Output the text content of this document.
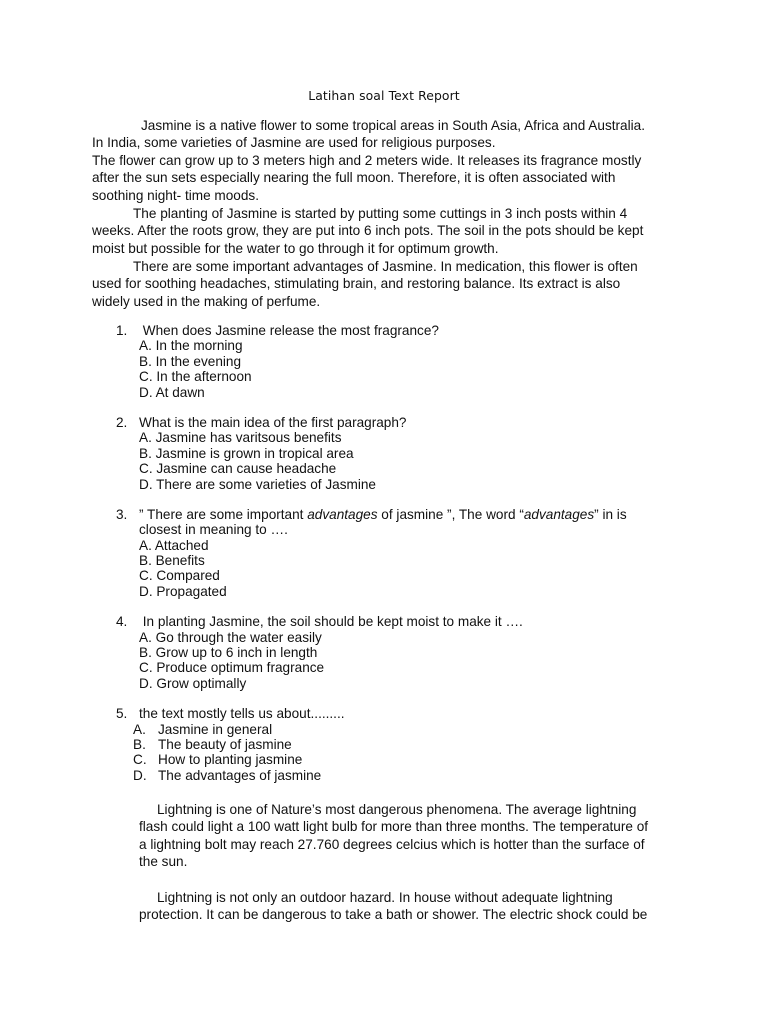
Latihan soal Text Report
Jasmine is a native flower to some tropical areas in South Asia, Africa and Australia.
In India, some varieties of Jasmine are used for religious purposes.
The flower can grow up to 3 meters high and 2 meters wide. It releases its fragrance mostly
after the sun sets especially nearing the full moon. Therefore, it is often associated with
soothing night- time moods.
The planting of Jasmine is started by putting some cuttings in 3 inch posts within 4
weeks. After the roots grow, they are put into 6 inch pots. The soil in the pots should be kept
moist but possible for the water to go through it for optimum growth.
There are some important advantages of Jasmine. In medication, this flower is often
used for soothing headaches, stimulating brain, and restoring balance. Its extract is also
widely used in the making of perfume.
1. When does Jasmine release the most fragrance?
A. In the morning
B. In the evening
C. In the afternoon
D. At dawn
2. What is the main idea of the first paragraph?
A. Jasmine has varitsous benefits
B. Jasmine is grown in tropical area
C. Jasmine can cause headache
D. There are some varieties of Jasmine
3. ” There are some important advantages of jasmine ”, The word “advantages” in is
closest in meaning to ….
A. Attached
B. Benefits
C. Compared
D. Propagated
4. In planting Jasmine, the soil should be kept moist to make it ….
A. Go through the water easily
B. Grow up to 6 inch in length
C. Produce optimum fragrance
D. Grow optimally
5. the text mostly tells us about.........
A. Jasmine in general
B. The beauty of jasmine
C. How to planting jasmine
D. The advantages of jasmine
Lightning is one of Nature’s most dangerous phenomena. The average lightning
flash could light a 100 watt light bulb for more than three months. The temperature of
a lightning bolt may reach 27.760 degrees celcius which is hotter than the surface of
the sun.
Lightning is not only an outdoor hazard. In house without adequate lightning
protection. It can be dangerous to take a bath or shower. The electric shock could be
